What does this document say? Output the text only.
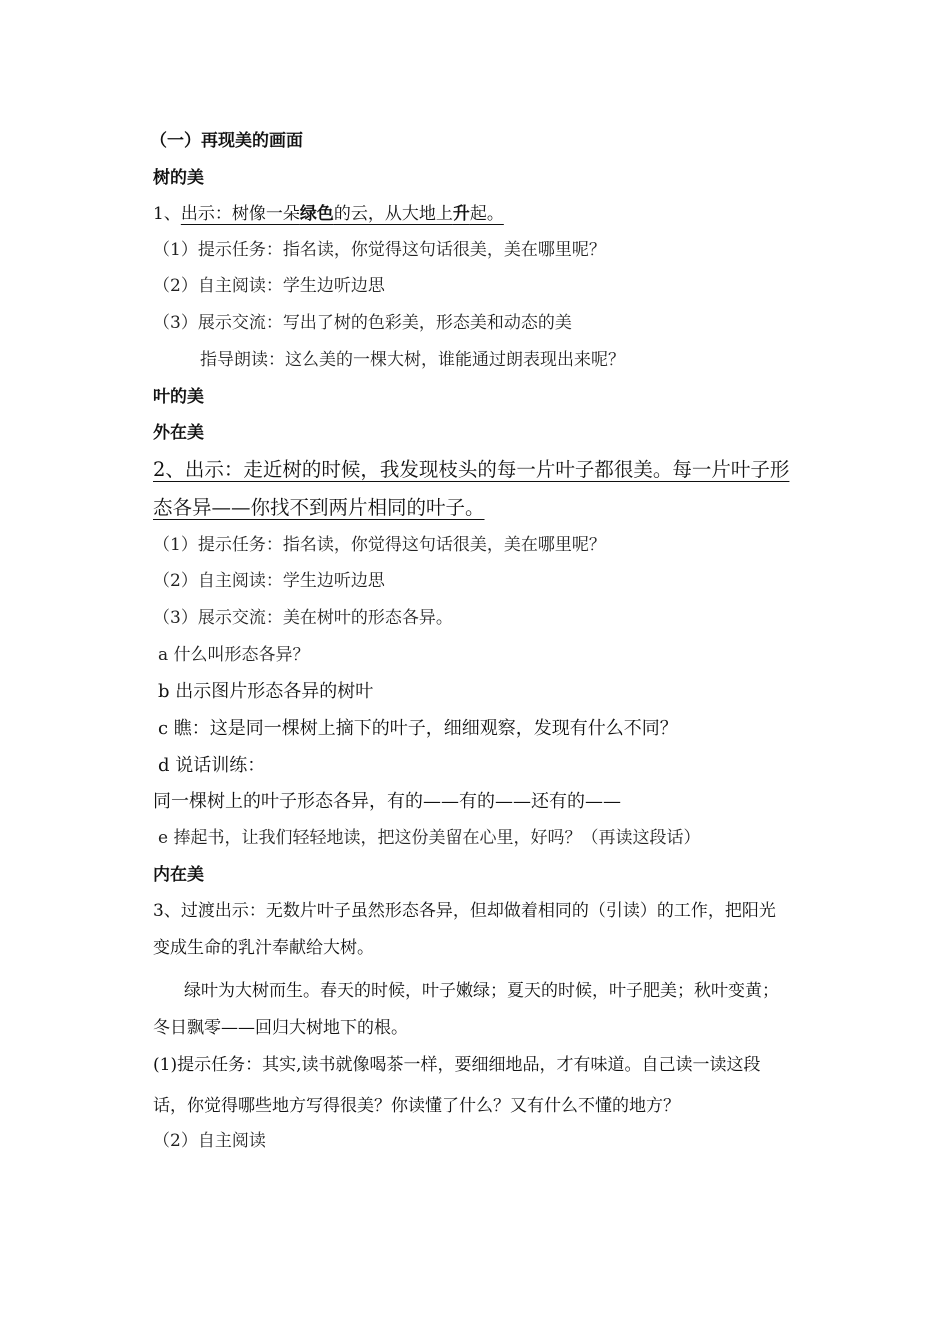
（一）再现美的画面
树的美
1、出示：树像一朵绿色的云，从大地上升起。
（1）提示任务：指名读，你觉得这句话很美，美在哪里呢？
（2）自主阅读：学生边听边思
（3）展示交流：写出了树的色彩美，形态美和动态的美
指导朗读：这么美的一棵大树，谁能通过朗表现出来呢？
叶的美
外在美
2、出示：走近树的时候，我发现枝头的每一片叶子都很美。每一片叶子形
态各异——你找不到两片相同的叶子。
（1）提示任务：指名读，你觉得这句话很美，美在哪里呢？
（2）自主阅读：学生边听边思
（3）展示交流：美在树叶的形态各异。
a 什么叫形态各异？
b 出示图片形态各异的树叶
c 瞧：这是同一棵树上摘下的叶子，细细观察，发现有什么不同？
d 说话训练：
同一棵树上的叶子形态各异，有的——有的——还有的——
e 捧起书，让我们轻轻地读，把这份美留在心里，好吗？（再读这段话）
内在美
3、过渡出示：无数片叶子虽然形态各异，但却做着相同的（引读）的工作，把阳光
变成生命的乳汁奉献给大树。
绿叶为大树而生。春天的时候，叶子嫩绿；夏天的时候，叶子肥美；秋叶变黄；
冬日飘零——回归大树地下的根。
(1)提示任务：其实,读书就像喝茶一样，要细细地品，才有味道。自己读一读这段
话，你觉得哪些地方写得很美？你读懂了什么？又有什么不懂的地方？
（2）自主阅读
